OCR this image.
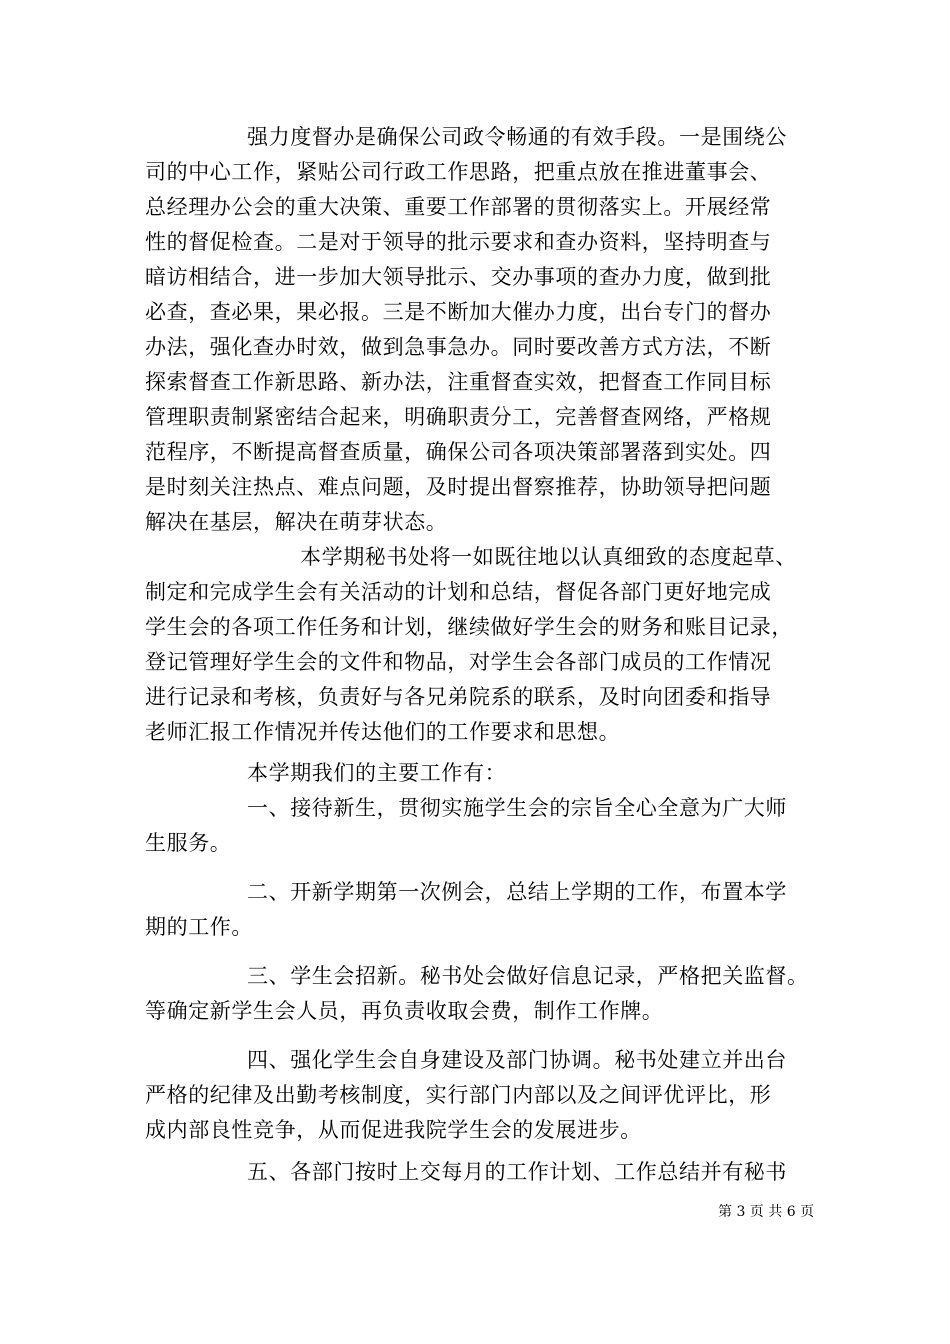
强力度督办是确保公司政令畅通的有效手段。一是围绕公
司的中心工作，紧贴公司行政工作思路，把重点放在推进董事会、
总经理办公会的重大决策、重要工作部署的贯彻落实上。开展经常
性的督促检查。二是对于领导的批示要求和查办资料，坚持明查与
暗访相结合，进一步加大领导批示、交办事项的查办力度，做到批
必查，查必果，果必报。三是不断加大催办力度，出台专门的督办
办法，强化查办时效，做到急事急办。同时要改善方式方法，不断
探索督查工作新思路、新办法，注重督查实效，把督查工作同目标
管理职责制紧密结合起来，明确职责分工，完善督查网络，严格规
范程序，不断提高督查质量，确保公司各项决策部署落到实处。四
是时刻关注热点、难点问题，及时提出督察推荐，协助领导把问题
解决在基层，解决在萌芽状态。
本学期秘书处将一如既往地以认真细致的态度起草、
制定和完成学生会有关活动的计划和总结，督促各部门更好地完成
学生会的各项工作任务和计划，继续做好学生会的财务和账目记录，
登记管理好学生会的文件和物品，对学生会各部门成员的工作情况
进行记录和考核，负责好与各兄弟院系的联系，及时向团委和指导
老师汇报工作情况并传达他们的工作要求和思想。
本学期我们的主要工作有：
一、接待新生，贯彻实施学生会的宗旨全心全意为广大师
生服务。
二、开新学期第一次例会，总结上学期的工作，布置本学
期的工作。
三、学生会招新。秘书处会做好信息记录，严格把关监督。
等确定新学生会人员，再负责收取会费，制作工作牌。
四、强化学生会自身建设及部门协调。秘书处建立并出台
严格的纪律及出勤考核制度，实行部门内部以及之间评优评比，形
成内部良性竞争，从而促进我院学生会的发展进步。
五、各部门按时上交每月的工作计划、工作总结并有秘书
第 3 页 共 6 页
